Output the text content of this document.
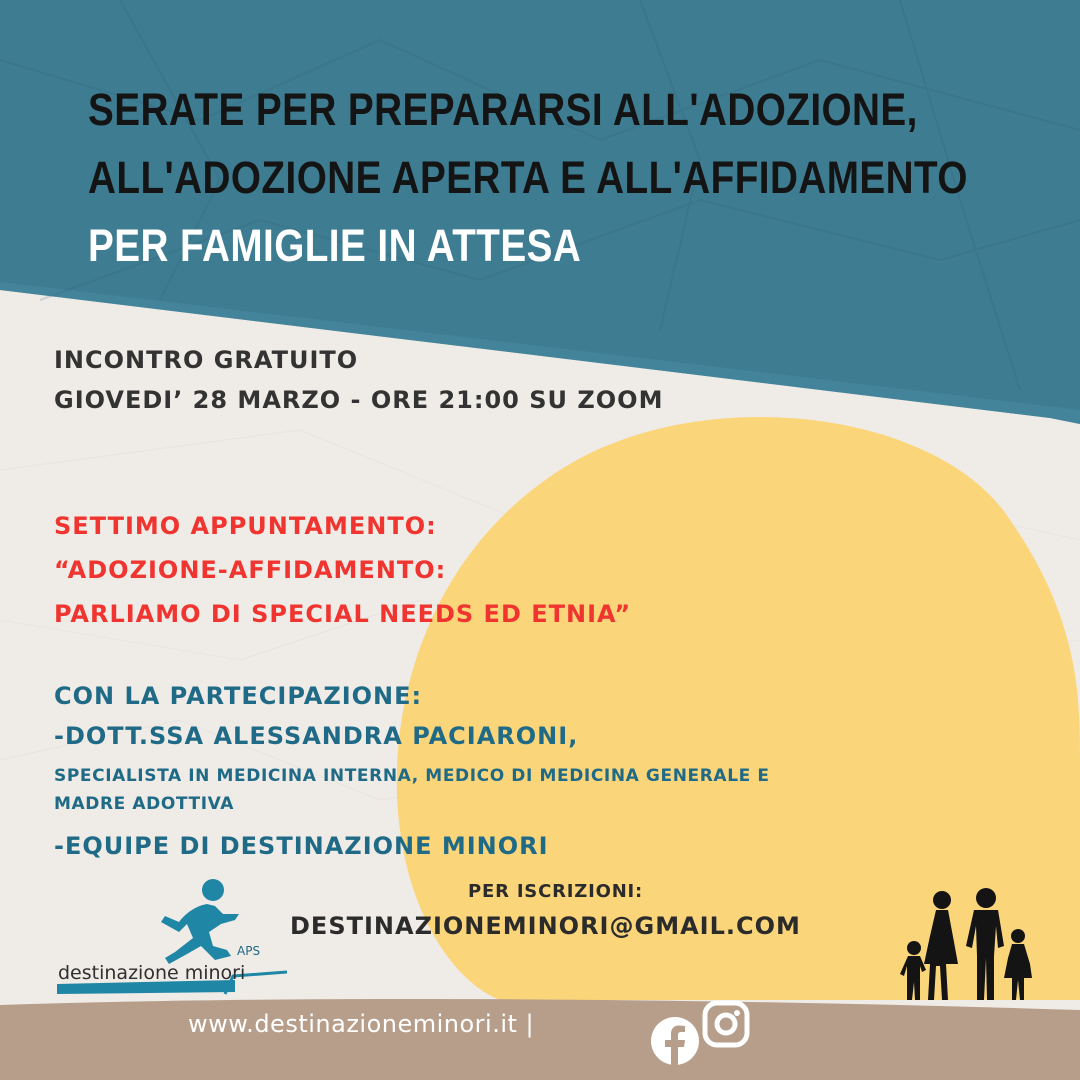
SERATE PER PREPARARSI ALL'ADOZIONE,
ALL'ADOZIONE APERTA E ALL'AFFIDAMENTO
PER FAMIGLIE IN ATTESA
INCONTRO GRATUITO
GIOVEDI’ 28 MARZO - ORE 21:00 SU ZOOM
SETTIMO APPUNTAMENTO:
“ADOZIONE-AFFIDAMENTO:
PARLIAMO DI SPECIAL NEEDS ED ETNIA”
CON LA PARTECIPAZIONE:
-DOTT.SSA ALESSANDRA PACIARONI,
SPECIALISTA IN MEDICINA INTERNA, MEDICO DI MEDICINA GENERALE E
MADRE ADOTTIVA
-EQUIPE DI DESTINAZIONE MINORI
PER ISCRIZIONI:
DESTINAZIONEMINORI@GMAIL.COM
destinazione minori
APS
www.destinazioneminori.it |
